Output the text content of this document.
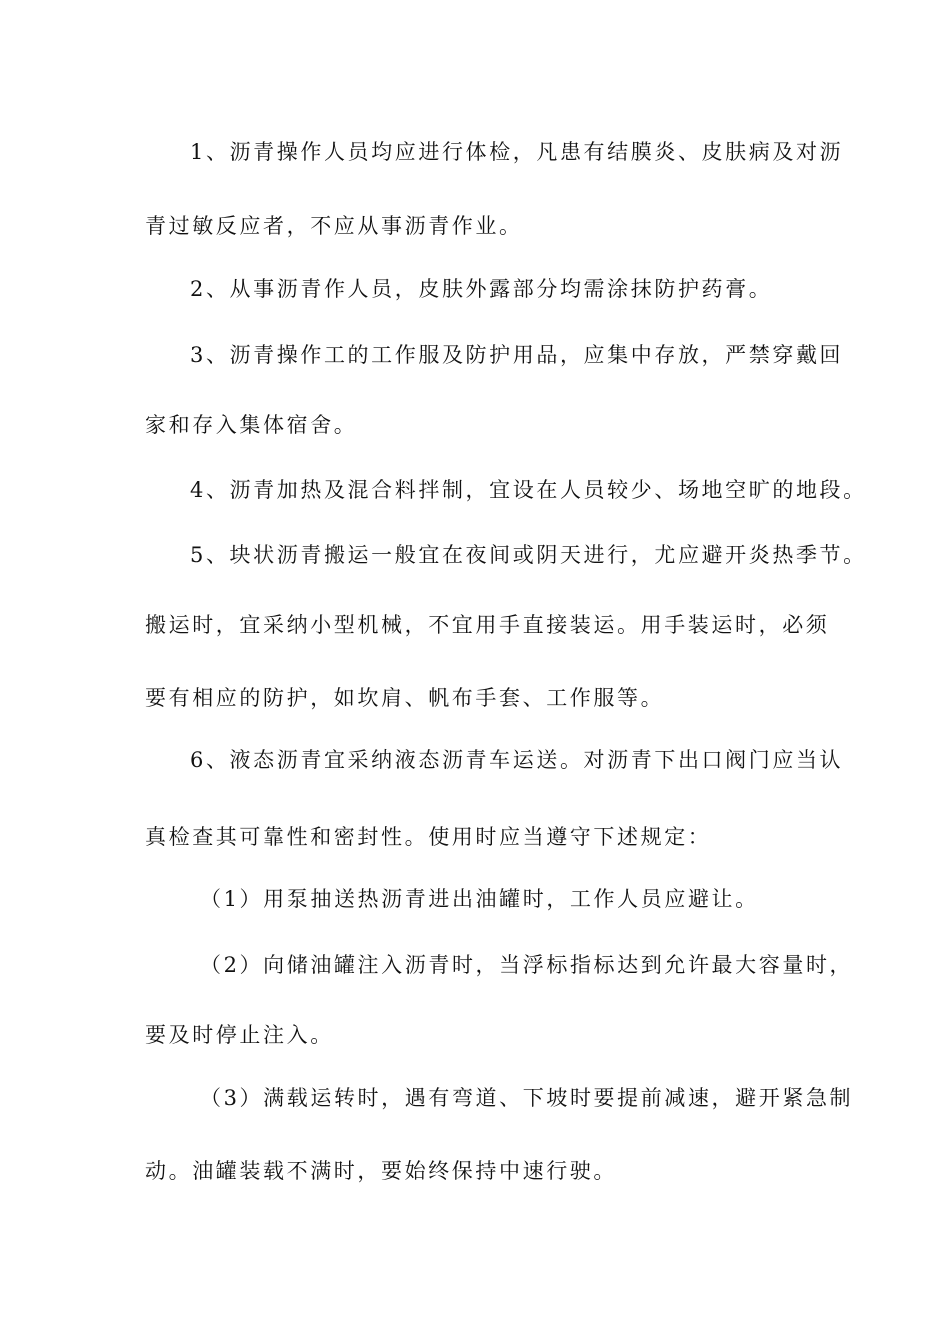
1、沥青操作人员均应进行体检，凡患有结膜炎、皮肤病及对沥
青过敏反应者，不应从事沥青作业。
2、从事沥青作人员，皮肤外露部分均需涂抹防护药膏。
3、沥青操作工的工作服及防护用品，应集中存放，严禁穿戴回
家和存入集体宿舍。
4、沥青加热及混合料拌制，宜设在人员较少、场地空旷的地段。
5、块状沥青搬运一般宜在夜间或阴天进行，尤应避开炎热季节。
搬运时，宜采纳小型机械，不宜用手直接装运。用手装运时，必须
要有相应的防护，如坎肩、帆布手套、工作服等。
6、液态沥青宜采纳液态沥青车运送。对沥青下出口阀门应当认
真检查其可靠性和密封性。使用时应当遵守下述规定：
（1）用泵抽送热沥青进出油罐时，工作人员应避让。
（2）向储油罐注入沥青时，当浮标指标达到允许最大容量时，
要及时停止注入。
（3）满载运转时，遇有弯道、下坡时要提前减速，避开紧急制
动。油罐装载不满时，要始终保持中速行驶。
